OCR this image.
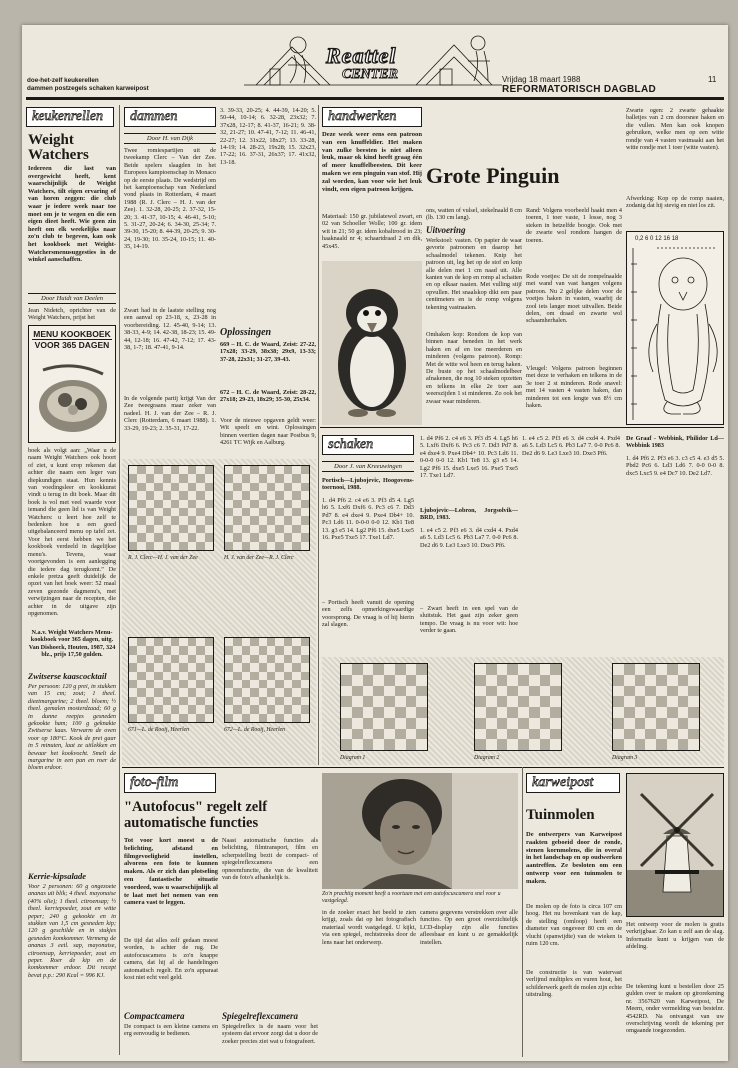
doe-het-zelf keukerellen
dammen postzegels schaken karweipost
Reattel
CENTER	Vrijdag 18 maart 1988	11
REFORMATORISCH DAGBLAD
keukenrellen
Weight Watchers
Iedereen die last van overgewicht heeft, kent waarschijnlijk de Weight Watchers, tilt eigen ervaring of van horen zeggen: die club waar je iedere week naar toe moet om je te wegen en die een eigen dieet heeft. Wie geen zin heeft om elk weekelijks naar zo'n club te begeven, kan ook het kookboek met Weight-Watchersmenusuggesties in de winkel aanschaffen.
Door Huidt van Deelen
Jean Nidetch, oprichter van de Weight Watchers, prijst het
MENU KOOKBOEK
VOOR 365 DAGEN
boek als volgt aan: „Waar u de naam Weight Watchers ook hoort of ziet, u kunt erop rekenen dat achter die naam een leger van diepkundigen staat. Hun kennis van voedingsleer en kookkunst vindt u terug in dit boek. Maar dit boek is vol met veel waarde voor iemand die geen lid is van Weight Watchers: u leert hoe zelf te bedenken hoe u een goed uitgebalanceerd menu op tafel zet. Voor het eerst hebben we het kookboek verdeeld in dagelijkse menu's. Tevens, waar voortgevonden is een aanlegging die iedere dag terugkomt.” De enkele pretza geeft duidelijk de opzet van het boek weer: 52 maal zeven gezonde dagmenu's, met verwijzingen naar de recepten, die achter in de uitgave zijn opgenomen.
N.a.v. Weight Watchers Menu-kookboek voor 365 dagen, uitg. Van Dishoeck, Houten, 1987, 324 blz., prijs 17,50 gulden.
Zwitserse kaascocktail
Per persoon: 120 g prei, in stukken van 15 cm; zout; 1 theel. dieetmargarine; 2 theel. bloem; ½ theel. gemalen mosterdzaad; 60 g in dunne reepjes gesneden gekookte ham; 100 g geknakte Zwitserse kaas. Verwarm de oven voor op 180°C. Kook de prei gaar in 5 minuten, laat ze uitlekken en bewaar het kookvocht. Smelt de margarine in een pan en roer de bloem erdoor.
Kerrie-kipsalade
Voor 2 personen: 60 g ongezoete ananas uit blik; 4 theel. mayonaise (40% olie); 1 theel. citroensap; ½ theel. kerriepoeder, zout en witte peper; 240 g gekookte en in stukken van 1,5 cm gesneden kip; 120 g geschilde en in stukjes gesneden komkommer. Vermeng de ananas 3 eetl. sap, mayonaise, citroensap, kerriepoeder, zout en peper. Roer de kip en de komkommer erdoor. Dit recept bevat p.p.: 290 Kcal = 996 KJ.
dammen
Door H. van Dijk
Twee romiespartijen uit de tweekamp Clerc – Van der Zee. Beide spelers slaagden in het Europees kampioenschap in Monaco op de eerste plaats. De wedstrijd om het kampioenschap van Nederland vond plaats in Rotterdam, 4 maart 1988 (R. J. Clerc – H. J. van der Zee). 1. 32-28, 20-25; 2. 37-32, 15-20; 3. 41-37, 10-15; 4. 46-41, 5-10; 5. 31-27, 20-24; 6. 34-30, 25-34; 7. 39-30, 15-20; 8. 44-39, 20-25; 9. 30-24, 19-30; 10. 35-24, 10-15; 11. 40-35, 14-19.
Zwart had in de laatste stelling nog een aanval op 23-18, x, 23-28 in voorbereiding. 12. 45-40, 9-14; 13. 38-33, 4-9; 14. 42-38, 18-23; 15. 49-44, 12-18; 16. 47-42, 7-12; 17. 43-38, 1-7; 18. 47-41, 9-14.
In de volgende partij krijgt Van der Zee tweegraans maar zeker van nadeel. H. J. van der Zee – R. J. Clerc (Rotterdam, 6 maart 1988). 1. 33-29, 19-23; 2. 35-31, 17-22.
3. 39-33, 20-25; 4. 44-39, 14-20; 5. 50-44, 10-14; 6. 32-28, 23x32; 7. 37x28, 12-17; 8. 41-37, 16-21; 9. 38-32, 21-27; 10. 47-41, 7-12; 11. 46-41, 22-27; 12. 31x22, 18x27; 13. 33-28, 14-19; 14. 28-23, 19x28; 15. 32x23, 17-22; 16. 37-31, 26x37; 17. 41x32, 13-18.
Oplossingen
669 – H. C. de Waard, Zeist: 27-22, 17x28; 33-29, 38x38; 29x9, 13-33; 37-28, 22x31; 31-27, 39-43.
672 – H. C. de Waard, Zeist: 28-22, 27x18; 29-23, 18x29; 35-30, 25x34.
Voor de nieuwe opgaven geldt weer: Wit speelt en wint. Oplossingen binnen veertien dagen naar Postbus 9, 4261 TC Wijk en Aalburg.
R. J. Clerc—H. J. van der Zee	H. J. van der Zee—R. J. Clerc
671—L. de Rooij, Heerlen	672—L. de Rooij, Heerlen
handwerken
Deze week weer eens een patroon van een knuffeldier. Het maken van zulke beesten is niet alleen leuk, maar ok kind heeft graag één of meer knuffelbeesten. Dit keer maken we een pinguin van stof. Hij zal worden, kan voor wie het leuk vindt, een eigen patroon krijgen.
Materiaal: 150 gr. jubilatewol zwart, en 02 van Schoeller Wolle; 100 gr. idem wit in 21; 50 gr. idem kobaltrood in 23; haaknaald nr 4; schaartdraad 2 en dik, 45x45.
Grote Pinguin
ons, watten of vulsel, stekelnaald 8 cm (lb. 130 cm lang).
Uitvoering
Werkstoel: vasten. Op papier de waar gevorte patroonen en daarop het schaalmodel tekenen. Knip het patroon uit, leg het op de stof en knip alle delen met 1 cm naad uit. Alle kanten van de kop en romp al schatten en op elkaar naaien. Met vulling stijf opvullen. Het snaalskop dikt een paar centimeters en is de romp volgens tekening vastnaaien.
Omhaken kop: Rondom de kop van binnen naar beneden in het werk haken en af en toe meerderen en minderen (volgens patroon). Romp: Met de witte wol heen en terug haken. De buste op het schaalmodelbeer afnakenen, die nog 10 steken opzetten en telkens in elke 2e toer aan weerszijden 1 st minderen. Zo ook het zwaar waar minderen.
Rand: Volgens voorbeeld haakt men 4 toeren, 1 toer vaste, 1 losse, nog 3 steken in hetzelfde boogje. Ook met de zwarte wol rondom hangen de toeren.
Rode voetjes: De sit de rompelnaalde met wand van vast hangen volgens patroon. Nu 2 gelijke delen voor de voetjes haken in vasten, waarbij de zool iets langer moet uitvallen. Beide delen, om draad en zwarte wol schaamherhalen.
Vleugel: Volgens patroon beginnen met deze te verhaken en telkens in de 3e toer 2 st minderen. Rode snavel: met 14 vasten 4 vasten haken, dan minderen tot een lengte van 8½ cm haken.
Zwarte ogen: 2 zwarte gehaakte balletjes van 2 cm doorsnee haken en die vullen. Men kan ook knopen gebruiken, welke men op een witte rondje van 4 vasten vastmaakt aan het witte rondje met 1 toer (witte vasten).
Afwerking: Kop op de romp naaien, zodanig dat hij stevig en niet los zit.
0,2 6 0 12 16 18
schaken
Door J. van Kreeuwingen
Portisch—Ljubojevic, Hoogovens-toernooi, 1988.
1. d4 Pf6 2. c4 e6 3. Pf3 d5 4. Lg5 h6 5. Lxf6 Dxf6 6. Pc3 c6 7. Dd3 Pd7 8. e4 dxe4 9. Pxe4 Db4+ 10. Pc3 Ld6 11. 0-0-0 0-0 12. Kb1 Te8 13. g3 e5 14. Lg2 Pf6 15. dxe5 Lxe5 16. Pxe5 Txe5 17. Txe1 Ld7.
– Portisch heeft vanuit de opening een zelfs opmerkingswaardige voorsprong. De vraag is of hij hierin zal slagen.
1. d4 Pf6 2. c4 e6 3. Pf3 d5 4. Lg5 h6 5. Lxf6 Dxf6 6. Pc3 c6 7. Dd3 Pd7 8. e4 dxe4 9. Pxe4 Db4+ 10. Pc3 Ld6 11. 0-0-0 0-0 12. Kb1 Te8 13. g3 e5 14. Lg2 Pf6 15. dxe5 Lxe5 16. Pxe5 Txe5 17. Txe1 Ld7.
Ljubojevic—Lobron, Jorgsolvik—BRD, 1983.
1. e4 c5 2. Pf3 e6 3. d4 cxd4 4. Pxd4 a6 5. Ld3 Lc5 6. Pb3 La7 7. 0-0 Pc6 8. De2 d6 9. Le3 Lxe3 10. Dxe3 Pf6.
– Zwart heeft in een spel van de sluitstuk. Het gaat zijn zeker geen tempo. De vraag is nu voor wit: hoe verder te gaan.
1. e4 c5 2. Pf3 e6 3. d4 cxd4 4. Pxd4 a6 5. Ld3 Lc5 6. Pb3 La7 7. 0-0 Pc6 8. De2 d6 9. Le3 Lxe3 10. Dxe3 Pf6.
De Graaf - Webbink, Philidor Ld—Webbink 1983
1. d4 Pf6 2. Pf3 e6 3. c3 c5 4. e3 d5 5. Pbd2 Pc6 6. Ld3 Ld6 7. 0-0 0-0 8. dxc5 Lxc5 9. e4 Dc7 10. De2 Ld7.
Diagram 1	Diagram 2	Diagram 3
foto-film
"Autofocus" regelt zelf automatische functies
Tot voor kort moest u de belichting, afstand en filmgevoeligheid instellen, alvorens een foto te kunnen maken. Als er zich dan plotseling een fantastische situatie voordeed, was u waarschijnlijk al te laat met het nemen van een camera vast te leggen.
De tijd dat alles zelf gedaan moest worden, is achter de rug. De autofocuscamera is zo'n knappe camera, dat hij al de handelingen automatisch regelt. En zo'n apparaat kost niet echt veel geld.
Compactcamera
De compact is een kleine camera en erg eenvoudig te bedienen.
Naast automatische functies als belichting, filmtransport, film en scherpstelling bezit de compact- of spiegelreflexcamera een opneemfunctie, die van de kwaliteit van de foto's afhankelijk is.
Spiegelreflexcamera
Spiegelreflex is de naam voor het systeem dat ervoor zorgt dat u door de zoeker precies ziet wat u fotografeert.
Zo'n prachtig moment heeft u voortaan met een autofocuscamera snel voor u vastgelegd.
in de zoeker exact het beeld te zien krijgt, zoals dat op het fotografisch materiaal wordt vastgelegd. U kijkt, via een spiegel, rechtstreeks door de lens naar het onderwerp.
camera gegevens verstrekken over alle functies. Op een groot overzichtelijk LCD-display zijn alle functies afleesbaar en kunt u ze gemakkelijk instellen.
karweipost
Tuinmolen
De ontwerpers van Karweipost raakten geboeid door de ronde, stenen kornmolens, die in overal in het landschap en op oudwerken aantreffen. Ze besloten om een ontwerp voor een tuinmolen te maken.
De molen op de foto is circa 107 cm hoog. Het nu bovenkant van de kap, de stelling (omloop) heeft een diameter van ongeveer 80 cm en de vlucht (spanwijdte) van de wieken is ruim 120 cm.
De constructie is van watervast verlijmd multiplex en vuren hout, het schilderwerk geeft de molen zijn echte uitstraling.
Het ontwerp voor de molen is gratis verkrijgbaar. Zo kan u zelf aan de slag. Informatie kunt u krijgen van de afdeling.
De tekening kunt u bestellen door 25 gulden over te maken op girorekening nr. 3567620 van Karweipost, De Meern, onder vermelding van bestelnr. 4542RD. Na ontvangst van uw overschrijving wordt de tekening per omgaande toegezonden.
